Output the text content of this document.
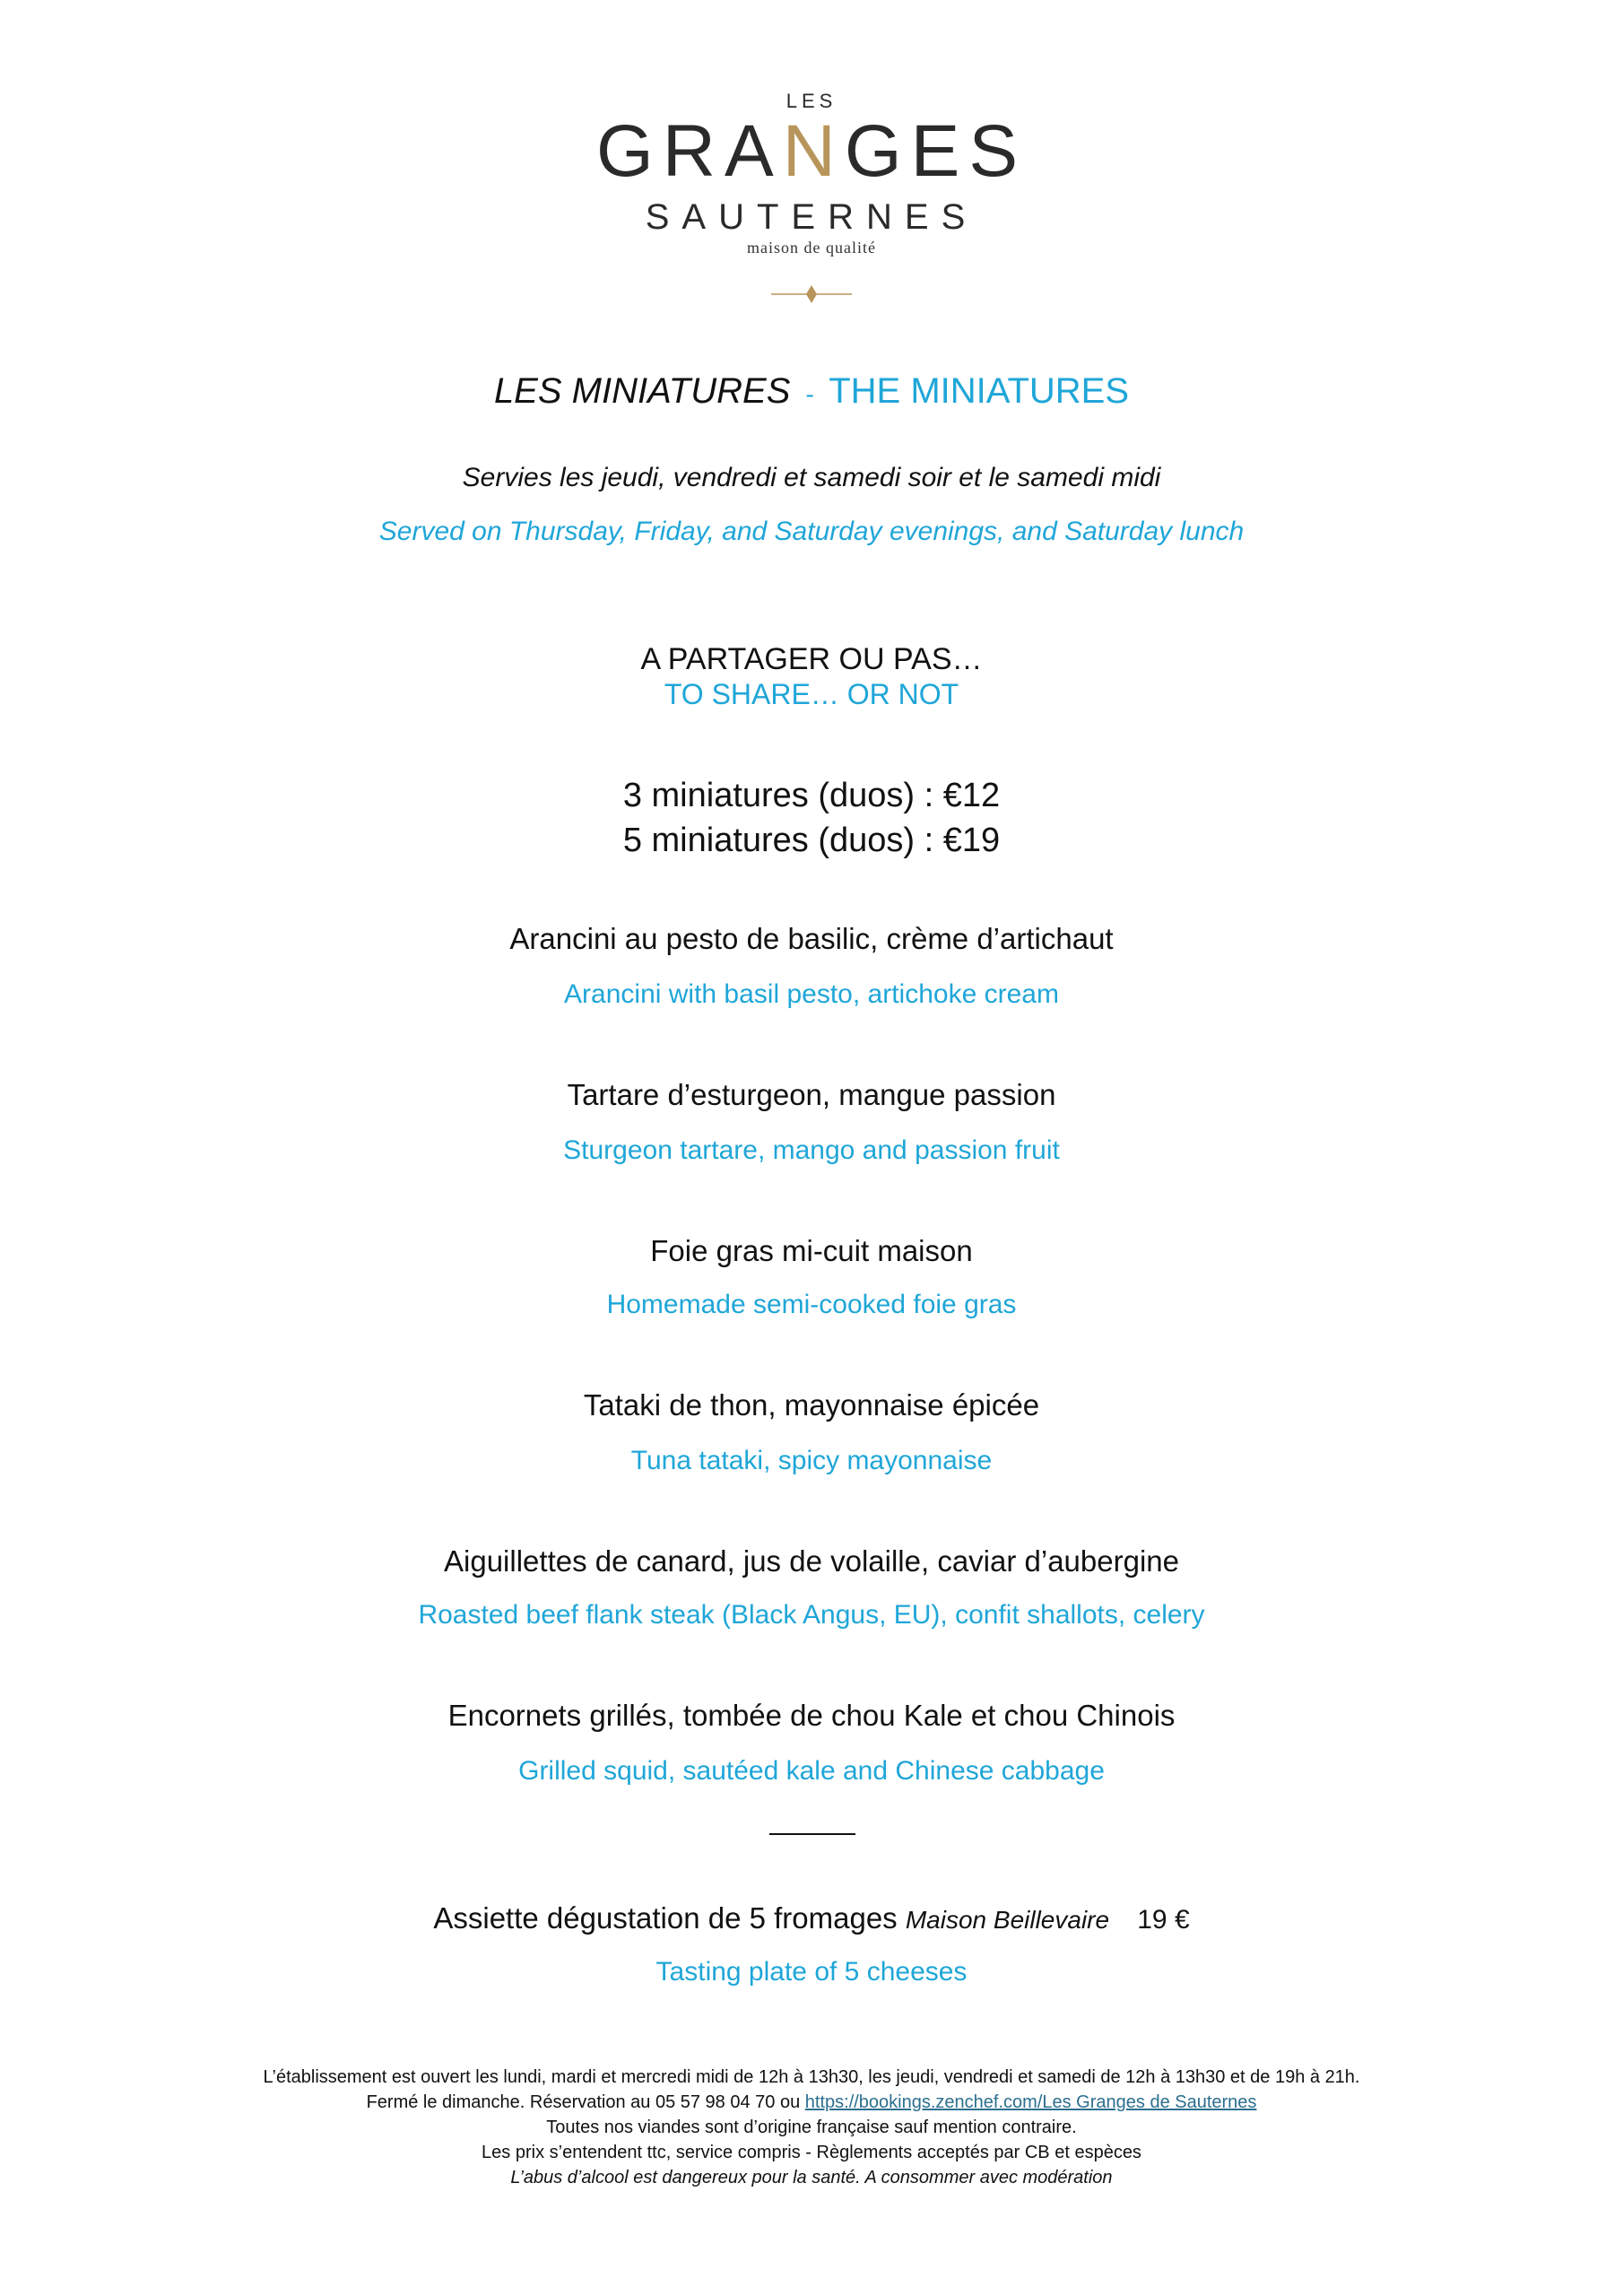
LES
GRANGES
SAUTERNES
maison de qualité
LES MINIATURES - THE MINIATURES
Servies les jeudi, vendredi et samedi soir et le samedi midi
Served on Thursday, Friday, and Saturday evenings, and Saturday lunch
A PARTAGER OU PAS…
TO SHARE… OR NOT
3 miniatures (duos) : €12
5 miniatures (duos) : €19
Arancini au pesto de basilic, crème d’artichaut
Arancini with basil pesto, artichoke cream
Tartare d’esturgeon, mangue passion
Sturgeon tartare, mango and passion fruit
Foie gras mi-cuit maison
Homemade semi-cooked foie gras
Tataki de thon, mayonnaise épicée
Tuna tataki, spicy mayonnaise
Aiguillettes de canard, jus de volaille, caviar d’aubergine
Roasted beef flank steak (Black Angus, EU), confit shallots, celery
Encornets grillés, tombée de chou Kale et chou Chinois
Grilled squid, sautéed kale and Chinese cabbage
Assiette dégustation de 5 fromages Maison Beillevaire 19 €
Tasting plate of 5 cheeses
L’établissement est ouvert les lundi, mardi et mercredi midi de 12h à 13h30, les jeudi, vendredi et samedi de 12h à 13h30 et de 19h à 21h.
Fermé le dimanche. Réservation au 05 57 98 04 70 ou https://bookings.zenchef.com/Les Granges de Sauternes
Toutes nos viandes sont d’origine française sauf mention contraire.
Les prix s’entendent ttc, service compris - Règlements acceptés par CB et espèces
L’abus d’alcool est dangereux pour la santé. A consommer avec modération
